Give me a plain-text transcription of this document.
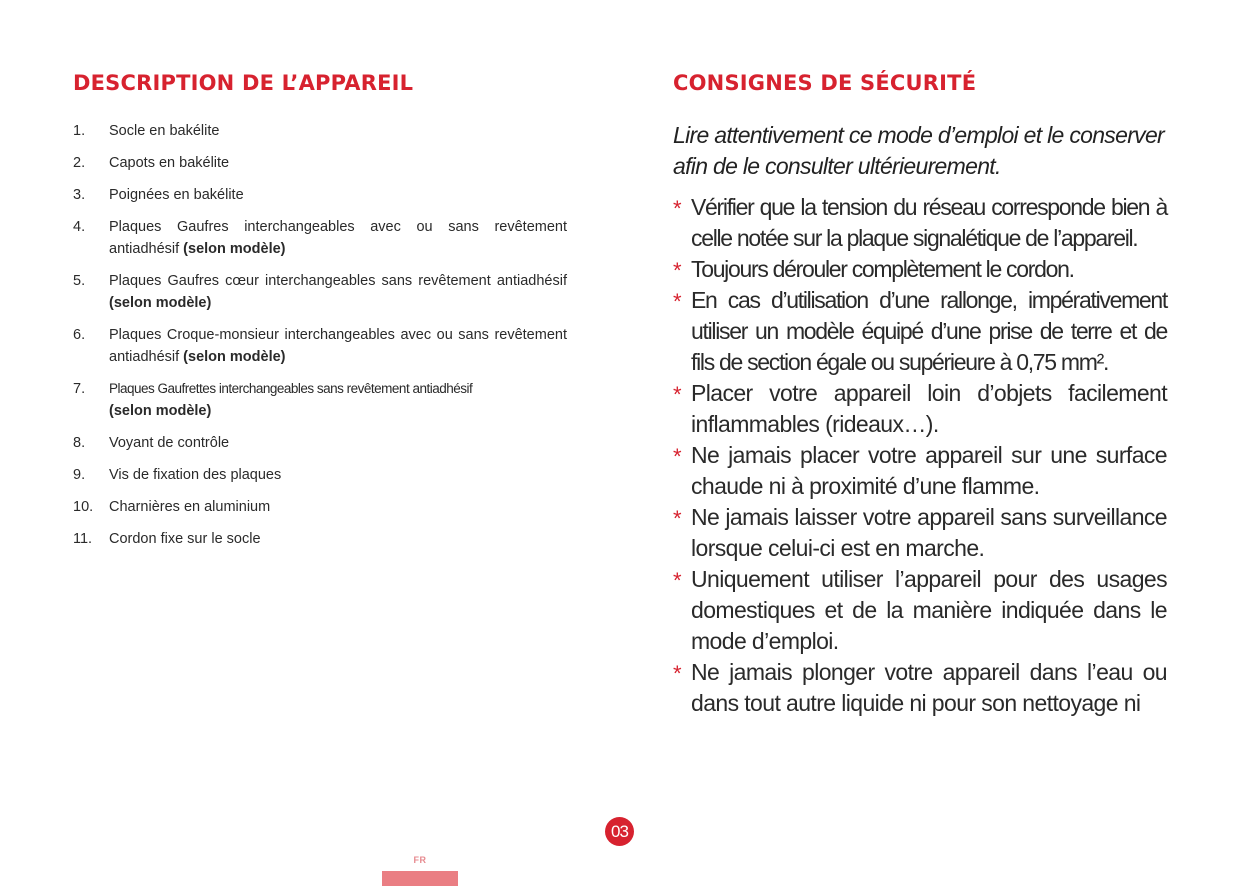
DESCRIPTION DE L’APPAREIL
1.	Socle en bakélite
2.	Capots en bakélite
3.	Poignées en bakélite
4.	Plaques Gaufres interchangeables avec ou sans revêtement antiadhésif (selon modèle)
5.	Plaques Gaufres cœur interchangeables sans revêtement antiadhésif (selon modèle)
6.	Plaques Croque-monsieur interchangeables avec ou sans revêtement antiadhésif (selon modèle)
7.	Plaques Gaufrettes interchangeables sans revêtement antiadhésif
(selon modèle)
8.	Voyant de contrôle
9.	Vis de fixation des plaques
10.	Charnières en aluminium
11.	Cordon fixe sur le socle
CONSIGNES DE SÉCURITÉ

Lire attentivement ce mode d’emploi et le conserver afin de le consulter ultérieurement.

* Vérifier que la tension du réseau corresponde bien à celle notée sur la plaque signalétique de l’appareil.
* Toujours dérouler complètement le cordon.
* En cas d’utilisation d’une rallonge, impérativement utiliser un modèle équipé d’une prise de terre et de fils de section égale ou supérieure à 0,75 mm².
* Placer votre appareil loin d’objets facilement inflammables (rideaux…).
* Ne jamais placer votre appareil sur une surface chaude ni à proximité d’une flamme.
* Ne jamais laisser votre appareil sans surveillance lorsque celui-ci est en marche.
* Uniquement utiliser l’appareil pour des usages domestiques et de la manière indiquée dans le mode d’emploi.
* Ne jamais plonger votre appareil dans l’eau ou dans tout autre liquide ni pour son nettoyage ni
03
FR
